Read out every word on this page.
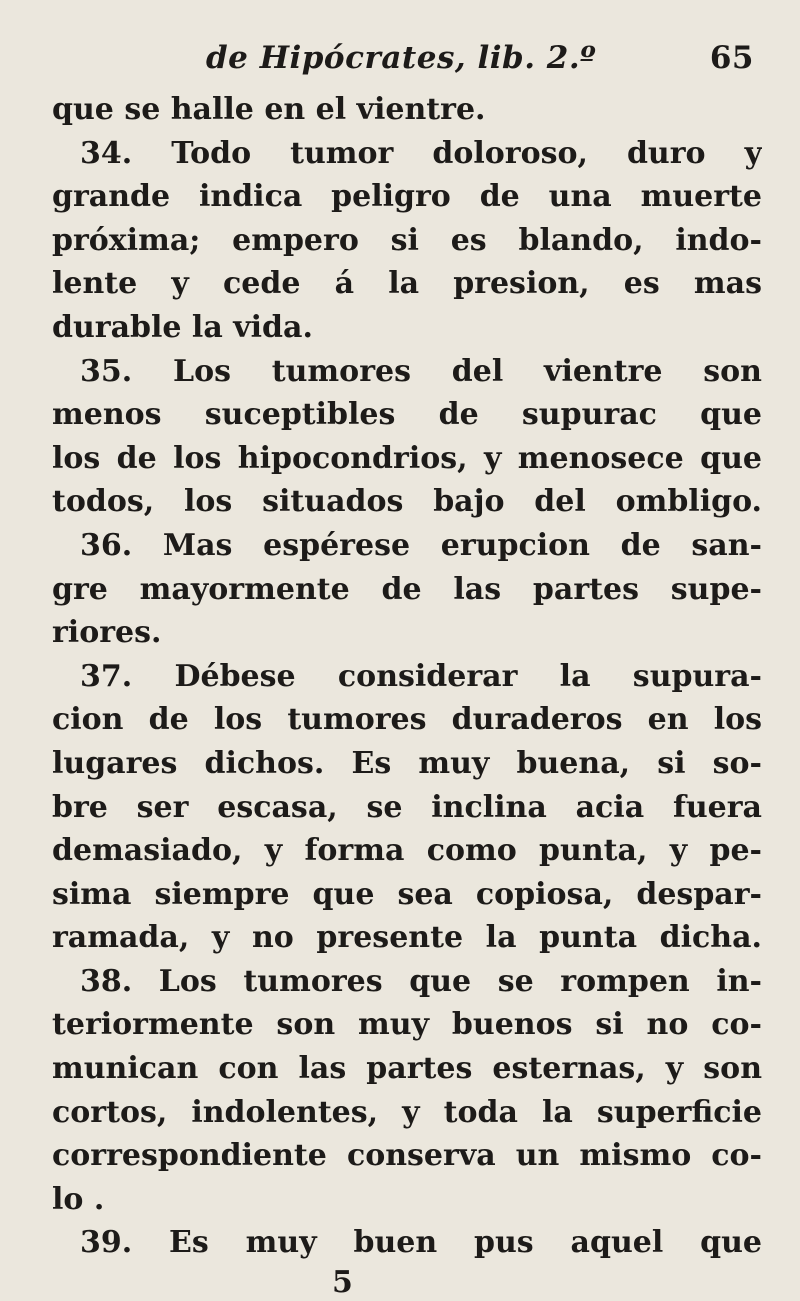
de Hipócrates, lib. 2.º	65
que se halle en el vientre.
34. Todo tumor doloroso, duro y
grande indica peligro de una muerte
próxima; empero si es blando, indo-
lente y cede á la presion, es mas
durable la vida.
35. Los tumores del vientre son
menos suceptibles de supurac que
los de los hipocondrios, y menosece que
todos, los situados bajo del ombligo.
36. Mas espérese erupcion de san-
gre mayormente de las partes supe-
riores.
37. Débese considerar la supura-
cion de los tumores duraderos en los
lugares dichos. Es muy buena, si so-
bre ser escasa, se inclina acia fuera
demasiado, y forma como punta, y pe-
sima siempre que sea copiosa, despar-
ramada, y no presente la punta dicha.
38. Los tumores que se rompen in-
teriormente son muy buenos si no co-
munican con las partes esternas, y son
cortos, indolentes, y toda la superficie
correspondiente conserva un mismo co-
lo .
39. Es muy buen pus aquel que
5
